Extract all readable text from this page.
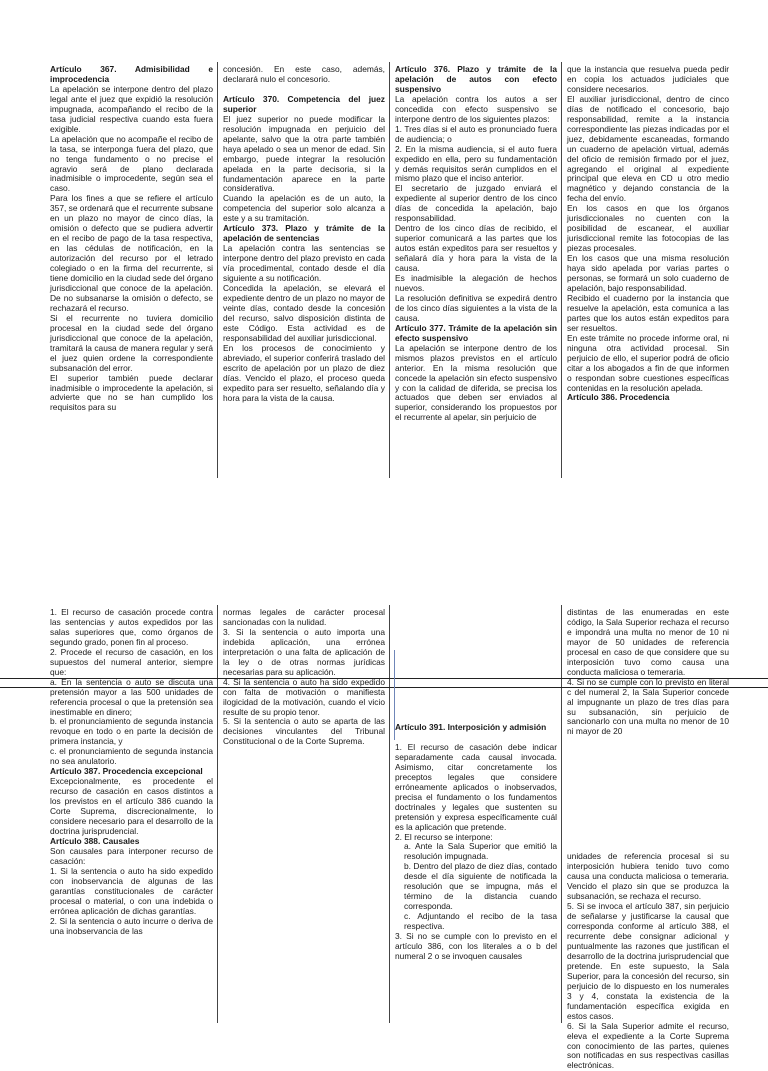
Artículo 367. Admisibilidad e improcedencia

La apelación se interpone dentro del plazo legal ante el juez que expidió la resolución impugnada, acompañando el recibo de la tasa judicial respectiva cuando esta fuera exigible.

La apelación que no acompañe el recibo de la tasa, se interponga fuera del plazo, que no tenga fundamento o no precise el agravio será de plano declarada inadmisible o improcedente, según sea el caso.

Para los fines a que se refiere el artículo 357, se ordenará que el recurrente subsane en un plazo no mayor de cinco días, la omisión o defecto que se pudiera advertir en el recibo de pago de la tasa respectiva, en las cédulas de notificación, en la autorización del recurso por el letrado colegiado o en la firma del recurrente, si tiene domicilio en la ciudad sede del órgano jurisdiccional que conoce de la apelación. De no subsanarse la omisión o defecto, se rechazará el recurso.

Si el recurrente no tuviera domicilio procesal en la ciudad sede del órgano jurisdiccional que conoce de la apelación, tramitará la causa de manera regular y será el juez quien ordene la correspondiente subsanación del error.

El superior también puede declarar inadmisible o improcedente la apelación, si advierte que no se han cumplido los requisitos para su

concesión. En este caso, además, declarará nulo el concesorio.

Artículo 370. Competencia del juez superior

El juez superior no puede modificar la resolución impugnada en perjuicio del apelante, salvo que la otra parte también haya apelado o sea un menor de edad. Sin embargo, puede integrar la resolución apelada en la parte decisoria, si la fundamentación aparece en la parte considerativa.

Cuando la apelación es de un auto, la competencia del superior solo alcanza a este y a su tramitación.

Artículo 373. Plazo y trámite de la apelación de sentencias

La apelación contra las sentencias se interpone dentro del plazo previsto en cada vía procedimental, contado desde el día siguiente a su notificación.

Concedida la apelación, se elevará el expediente dentro de un plazo no mayor de veinte días, contado desde la concesión del recurso, salvo disposición distinta de este Código. Esta actividad es de responsabilidad del auxiliar jurisdiccional.

En los procesos de conocimiento y abreviado, el superior conferirá traslado del escrito de apelación por un plazo de diez días. Vencido el plazo, el proceso queda expedito para ser resuelto, señalando día y hora para la vista de la causa.

Artículo 376. Plazo y trámite de la apelación de autos con efecto suspensivo

La apelación contra los autos a ser concedida con efecto suspensivo se interpone dentro de los siguientes plazos:

1. Tres días si el auto es pronunciado fuera de audiencia; o

2. En la misma audiencia, si el auto fuera expedido en ella, pero su fundamentación y demás requisitos serán cumplidos en el mismo plazo que el inciso anterior.

El secretario de juzgado enviará el expediente al superior dentro de los cinco días de concedida la apelación, bajo responsabilidad.

Dentro de los cinco días de recibido, el superior comunicará a las partes que los autos están expeditos para ser resueltos y señalará día y hora para la vista de la causa.

Es inadmisible la alegación de hechos nuevos.

La resolución definitiva se expedirá dentro de los cinco días siguientes a la vista de la causa.

Artículo 377. Trámite de la apelación sin efecto suspensivo

La apelación se interpone dentro de los mismos plazos previstos en el artículo anterior. En la misma resolución que concede la apelación sin efecto suspensivo y con la calidad de diferida, se precisa los actuados que deben ser enviados al superior, considerando los propuestos por el recurrente al apelar, sin perjuicio de

que la instancia que resuelva pueda pedir en copia los actuados judiciales que considere necesarios.

El auxiliar jurisdiccional, dentro de cinco días de notificado el concesorio, bajo responsabilidad, remite a la instancia correspondiente las piezas indicadas por el juez, debidamente escaneadas, formando un cuaderno de apelación virtual, además del oficio de remisión firmado por el juez, agregando el original al expediente principal que eleva en CD u otro medio magnético y dejando constancia de la fecha del envío.

En los casos en que los órganos jurisdiccionales no cuenten con la posibilidad de escanear, el auxiliar jurisdiccional remite las fotocopias de las piezas procesales.

En los casos que una misma resolución haya sido apelada por varias partes o personas, se formará un solo cuaderno de apelación, bajo responsabilidad.

Recibido el cuaderno por la instancia que resuelve la apelación, esta comunica a las partes que los autos están expeditos para ser resueltos.

En este trámite no procede informe oral, ni ninguna otra actividad procesal. Sin perjuicio de ello, el superior podrá de oficio citar a los abogados a fin de que informen o respondan sobre cuestiones específicas contenidas en la resolución apelada.

Artículo 386. Procedencia

1. El recurso de casación procede contra las sentencias y autos expedidos por las salas superiores que, como órganos de segundo grado, ponen fin al proceso.

2. Procede el recurso de casación, en los supuestos del numeral anterior, siempre que:

a. En la sentencia o auto se discuta una pretensión mayor a las 500 unidades de referencia procesal o que la pretensión sea inestimable en dinero;

b. el pronunciamiento de segunda instancia revoque en todo o en parte la decisión de primera instancia, y

c. el pronunciamiento de segunda instancia no sea anulatorio.

Artículo 387. Procedencia excepcional

Excepcionalmente, es procedente el recurso de casación en casos distintos a los previstos en el artículo 386 cuando la Corte Suprema, discrecionalmente, lo considere necesario para el desarrollo de la doctrina jurisprudencial.

Artículo 388. Causales

Son causales para interponer recurso de casación:

1. Si la sentencia o auto ha sido expedido con inobservancia de algunas de las garantías constitucionales de carácter procesal o material, o con una indebida o errónea aplicación de dichas garantías.

2. Si la sentencia o auto incurre o deriva de una inobservancia de las

normas legales de carácter procesal sancionadas con la nulidad.

3. Si la sentencia o auto importa una indebida aplicación, una errónea interpretación o una falta de aplicación de la ley o de otras normas jurídicas necesarias para su aplicación.

4. Si la sentencia o auto ha sido expedido con falta de motivación o manifiesta ilogicidad de la motivación, cuando el vicio resulte de su propio tenor.

5. Si la sentencia o auto se aparta de las decisiones vinculantes del Tribunal Constitucional o de la Corte Suprema.

Artículo 391. Interposición y admisión

1. El recurso de casación debe indicar separadamente cada causal invocada. Asimismo, citar concretamente los preceptos legales que considere erróneamente aplicados o inobservados, precisa el fundamento o los fundamentos doctrinales y legales que sustenten su pretensión y expresa específicamente cuál es la aplicación que pretende.

2. El recurso se interpone:

a. Ante la Sala Superior que emitió la resolución impugnada.

b. Dentro del plazo de diez días, contado desde el día siguiente de notificada la resolución que se impugna, más el término de la distancia cuando corresponda.

c. Adjuntando el recibo de la tasa respectiva.

3. Si no se cumple con lo previsto en el artículo 386, con los literales a o b del numeral 2 o se invoquen causales

distintas de las enumeradas en este código, la Sala Superior rechaza el recurso e impondrá una multa no menor de 10 ni mayor de 50 unidades de referencia procesal en caso de que considere que su interposición tuvo como causa una conducta maliciosa o temeraria.

4. Si no se cumple con lo previsto en literal c del numeral 2, la Sala Superior concede al impugnante un plazo de tres días para su subsanación, sin perjuicio de sancionarlo con una multa no menor de 10 ni mayor de 20

unidades de referencia procesal si su interposición hubiera tenido tuvo como causa una conducta maliciosa o temeraria. Vencido el plazo sin que se produzca la subsanación, se rechaza el recurso.

5. Si se invoca el artículo 387, sin perjuicio de señalarse y justificarse la causal que corresponda conforme al artículo 388, el recurrente debe consignar adicional y puntualmente las razones que justifican el desarrollo de la doctrina jurisprudencial que pretende. En este supuesto, la Sala Superior, para la concesión del recurso, sin perjuicio de lo dispuesto en los numerales 3 y 4, constata la existencia de la fundamentación específica exigida en estos casos.

6. Si la Sala Superior admite el recurso, eleva el expediente a la Corte Suprema con conocimiento de las partes, quienes son notificadas en sus respectivas casillas electrónicas.
